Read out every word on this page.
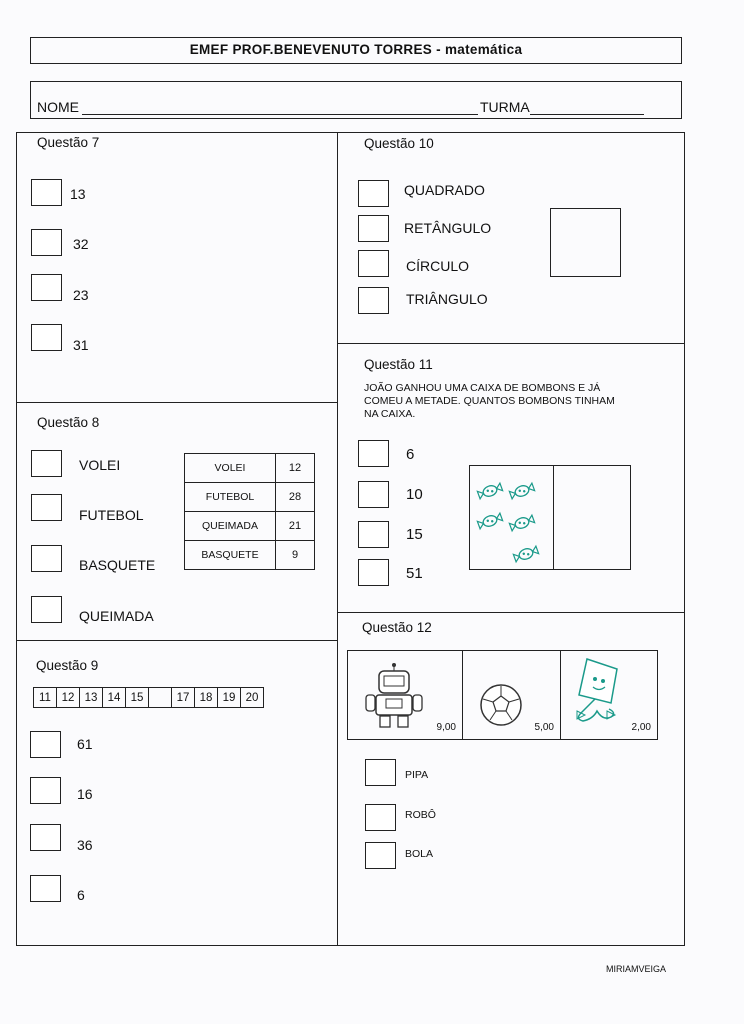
EMEF PROF.BENEVENUTO TORRES - matemática
NOME	TURMA
Questão 7
13
32
23
31
Questão 8
VOLEI
FUTEBOL
BASQUETE
QUEIMADA
VOLEI	12
FUTEBOL	28
QUEIMADA	21
BASQUETE	9
Questão 9
11	12	13	14	15		17	18	19	20
61
16
36
6
Questão 10
QUADRADO
RETÂNGULO
CÍRCULO
TRIÂNGULO
Questão 11
JOÃO GANHOU UMA CAIXA DE BOMBONS E JÁ
COMEU A METADE. QUANTOS BOMBONS TINHAM
NA CAIXA.
6
10
15
51
Questão 12
9,00	5,00	2,00
PIPA
ROBÔ
BOLA
MIRIAMVEIGA
